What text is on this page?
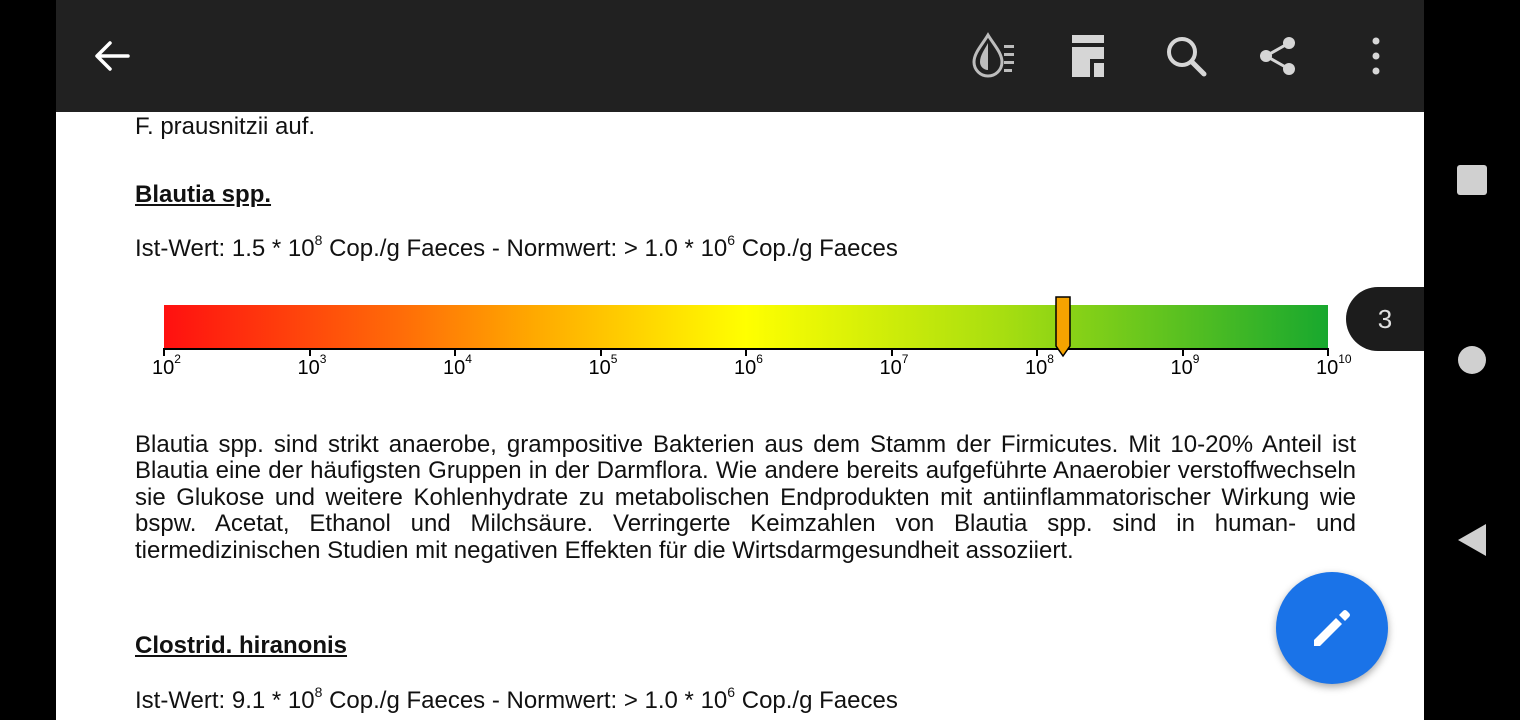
F. prausnitzii auf.
Blautia spp.
Ist-Wert: $1.5 * 10^8$ Cop./g Faeces - Normwert: > $1.0 * 10^6$ Cop./g Faeces
Blautia spp. sind strikt anaerobe, grampositive Bakterien aus dem Stamm der Firmicutes. Mit 10-20% Anteil ist Blautia eine der häufigsten Gruppen in der Darmflora. Wie andere bereits aufgeführte Anaerobier verstoffwechseln sie Glukose und weitere Kohlenhydrate zu metabolischen Endprodukten mit antiinflammatorischer Wirkung wie bspw. Acetat, Ethanol und Milchsäure. Verringerte Keimzahlen von Blautia spp. sind in human- und tiermedizinischen Studien mit negativen Effekten für die Wirtsdarmgesundheit assoziiert.
Clostrid. hiranonis
Ist-Wert: $9.1 * 10^8$ Cop./g Faeces - Normwert: > $1.0 * 10^6$ Cop./g Faeces
$10^2$	$10^3$	$10^4$	$10^5$	$10^6$	$10^7$	$10^8$	$10^9$	$10^{10}$
3
